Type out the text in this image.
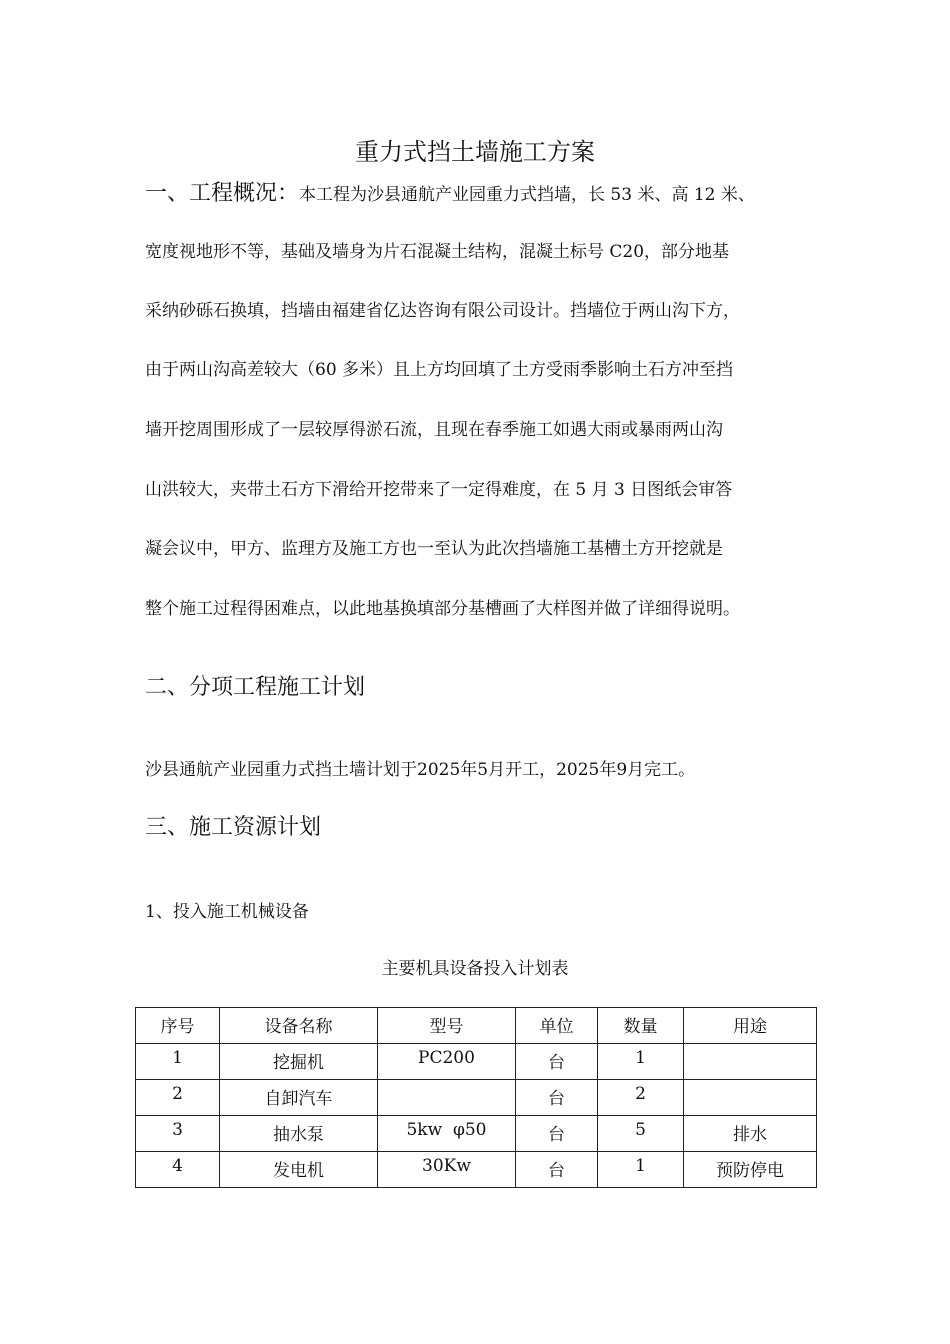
重力式挡土墙施工方案
一、工程概况：本工程为沙县通航产业园重力式挡墙，长 53 米、高 12 米、
宽度视地形不等，基础及墙身为片石混凝土结构，混凝土标号 C20，部分地基
采纳砂砾石换填，挡墙由福建省亿达咨询有限公司设计。挡墙位于两山沟下方，
由于两山沟高差较大（60 多米）且上方均回填了土方受雨季影响土石方冲至挡
墙开挖周围形成了一层较厚得淤石流，且现在春季施工如遇大雨或暴雨两山沟
山洪较大，夹带土石方下滑给开挖带来了一定得难度，在 5 月 3 日图纸会审答
凝会议中，甲方、监理方及施工方也一至认为此次挡墙施工基槽土方开挖就是
整个施工过程得困难点，以此地基换填部分基槽画了大样图并做了详细得说明。
二、分项工程施工计划
沙县通航产业园重力式挡土墙计划于2025年5月开工，2025年9月完工。
三、施工资源计划
1、投入施工机械设备
主要机具设备投入计划表
序号	设备名称	型号	单位	数量	用途
1	挖掘机	PC200	台	1	
2	自卸汽车		台	2	
3	抽水泵	5kw  φ50	台	5	排水
4	发电机	30Kw	台	1	预防停电
